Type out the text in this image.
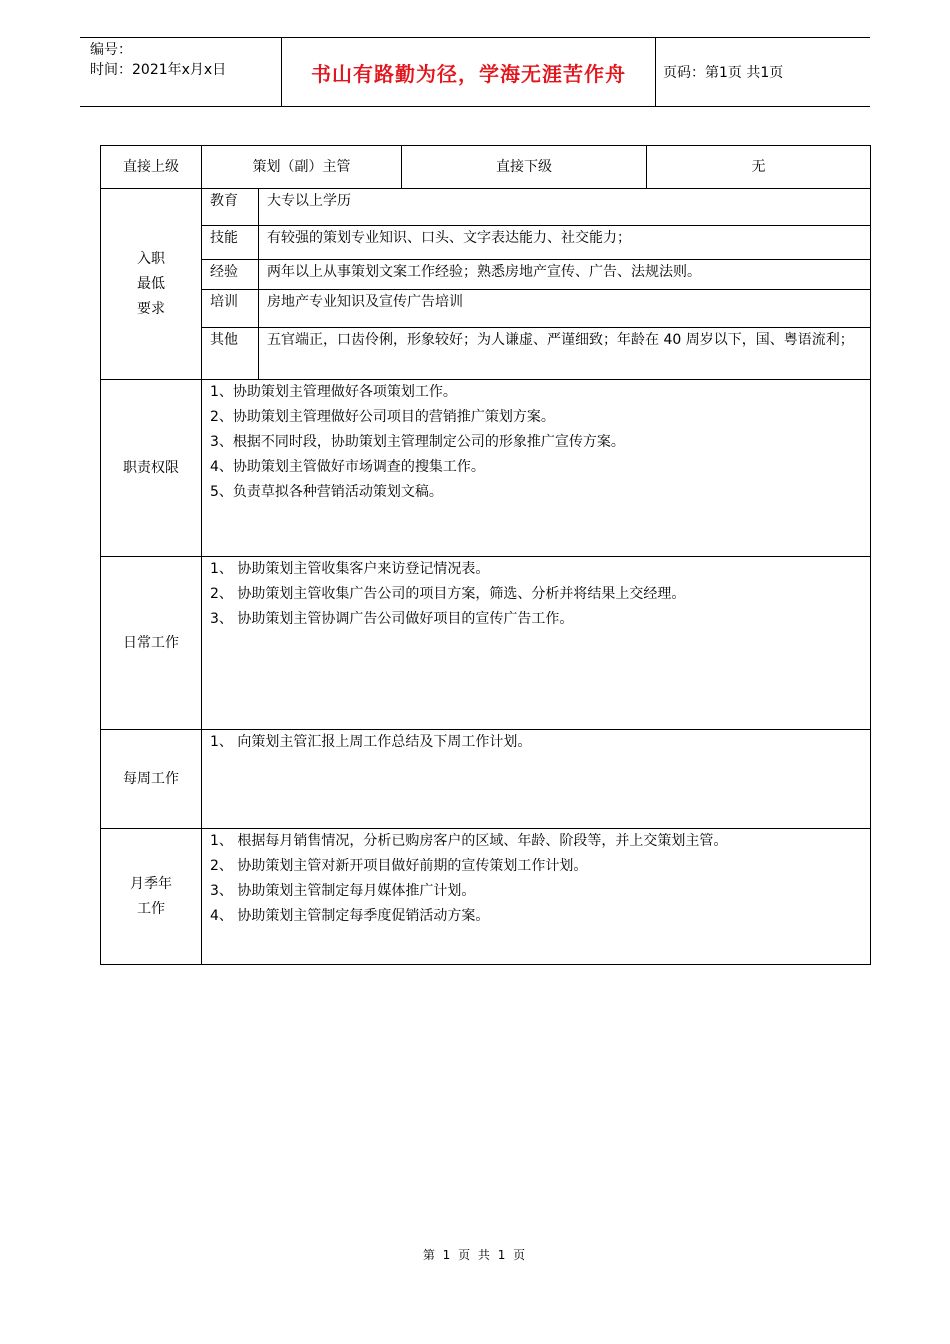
编号：
时间：2021年x月x日	书山有路勤为径，学海无涯苦作舟	页码：第1页 共1页
直接上级	策划（副）主管		直接下级	无

入职
最低
要求	教育	大专以上学历		
	技能	有较强的策划专业知识、口头、文字表达能力、社交能力；		
	经验	两年以上从事策划文案工作经验；熟悉房地产宣传、广告、法规法则。		
	培训	房地产专业知识及宣传广告培训		
	其他	五官端正，口齿伶俐，形象较好；为人谦虚、严谨细致；年龄在 40 周岁以下，国、粤语流利；		
职责权限	1、协助策划主管理做好各项策划工作。
2、协助策划主管理做好公司项目的营销推广策划方案。
3、根据不同时段，协助策划主管理制定公司的形象推广宣传方案。
4、协助策划主管做好市场调查的搜集工作。
5、负责草拟各种营销活动策划文稿。			

日常工作	1、 协助策划主管收集客户来访登记情况表。
2、 协助策划主管收集广告公司的项目方案，筛选、分析并将结果上交经理。
3、 协助策划主管协调广告公司做好项目的宣传广告工作。			

每周工作	1、 向策划主管汇报上周工作总结及下周工作计划。			

月季年
工作	1、 根据每月销售情况，分析已购房客户的区域、年龄、阶段等，并上交策划主管。
2、 协助策划主管对新开项目做好前期的宣传策划工作计划。
3、 协助策划主管制定每月媒体推广计划。
4、 协助策划主管制定每季度促销活动方案。			
第 1 页 共 1 页
